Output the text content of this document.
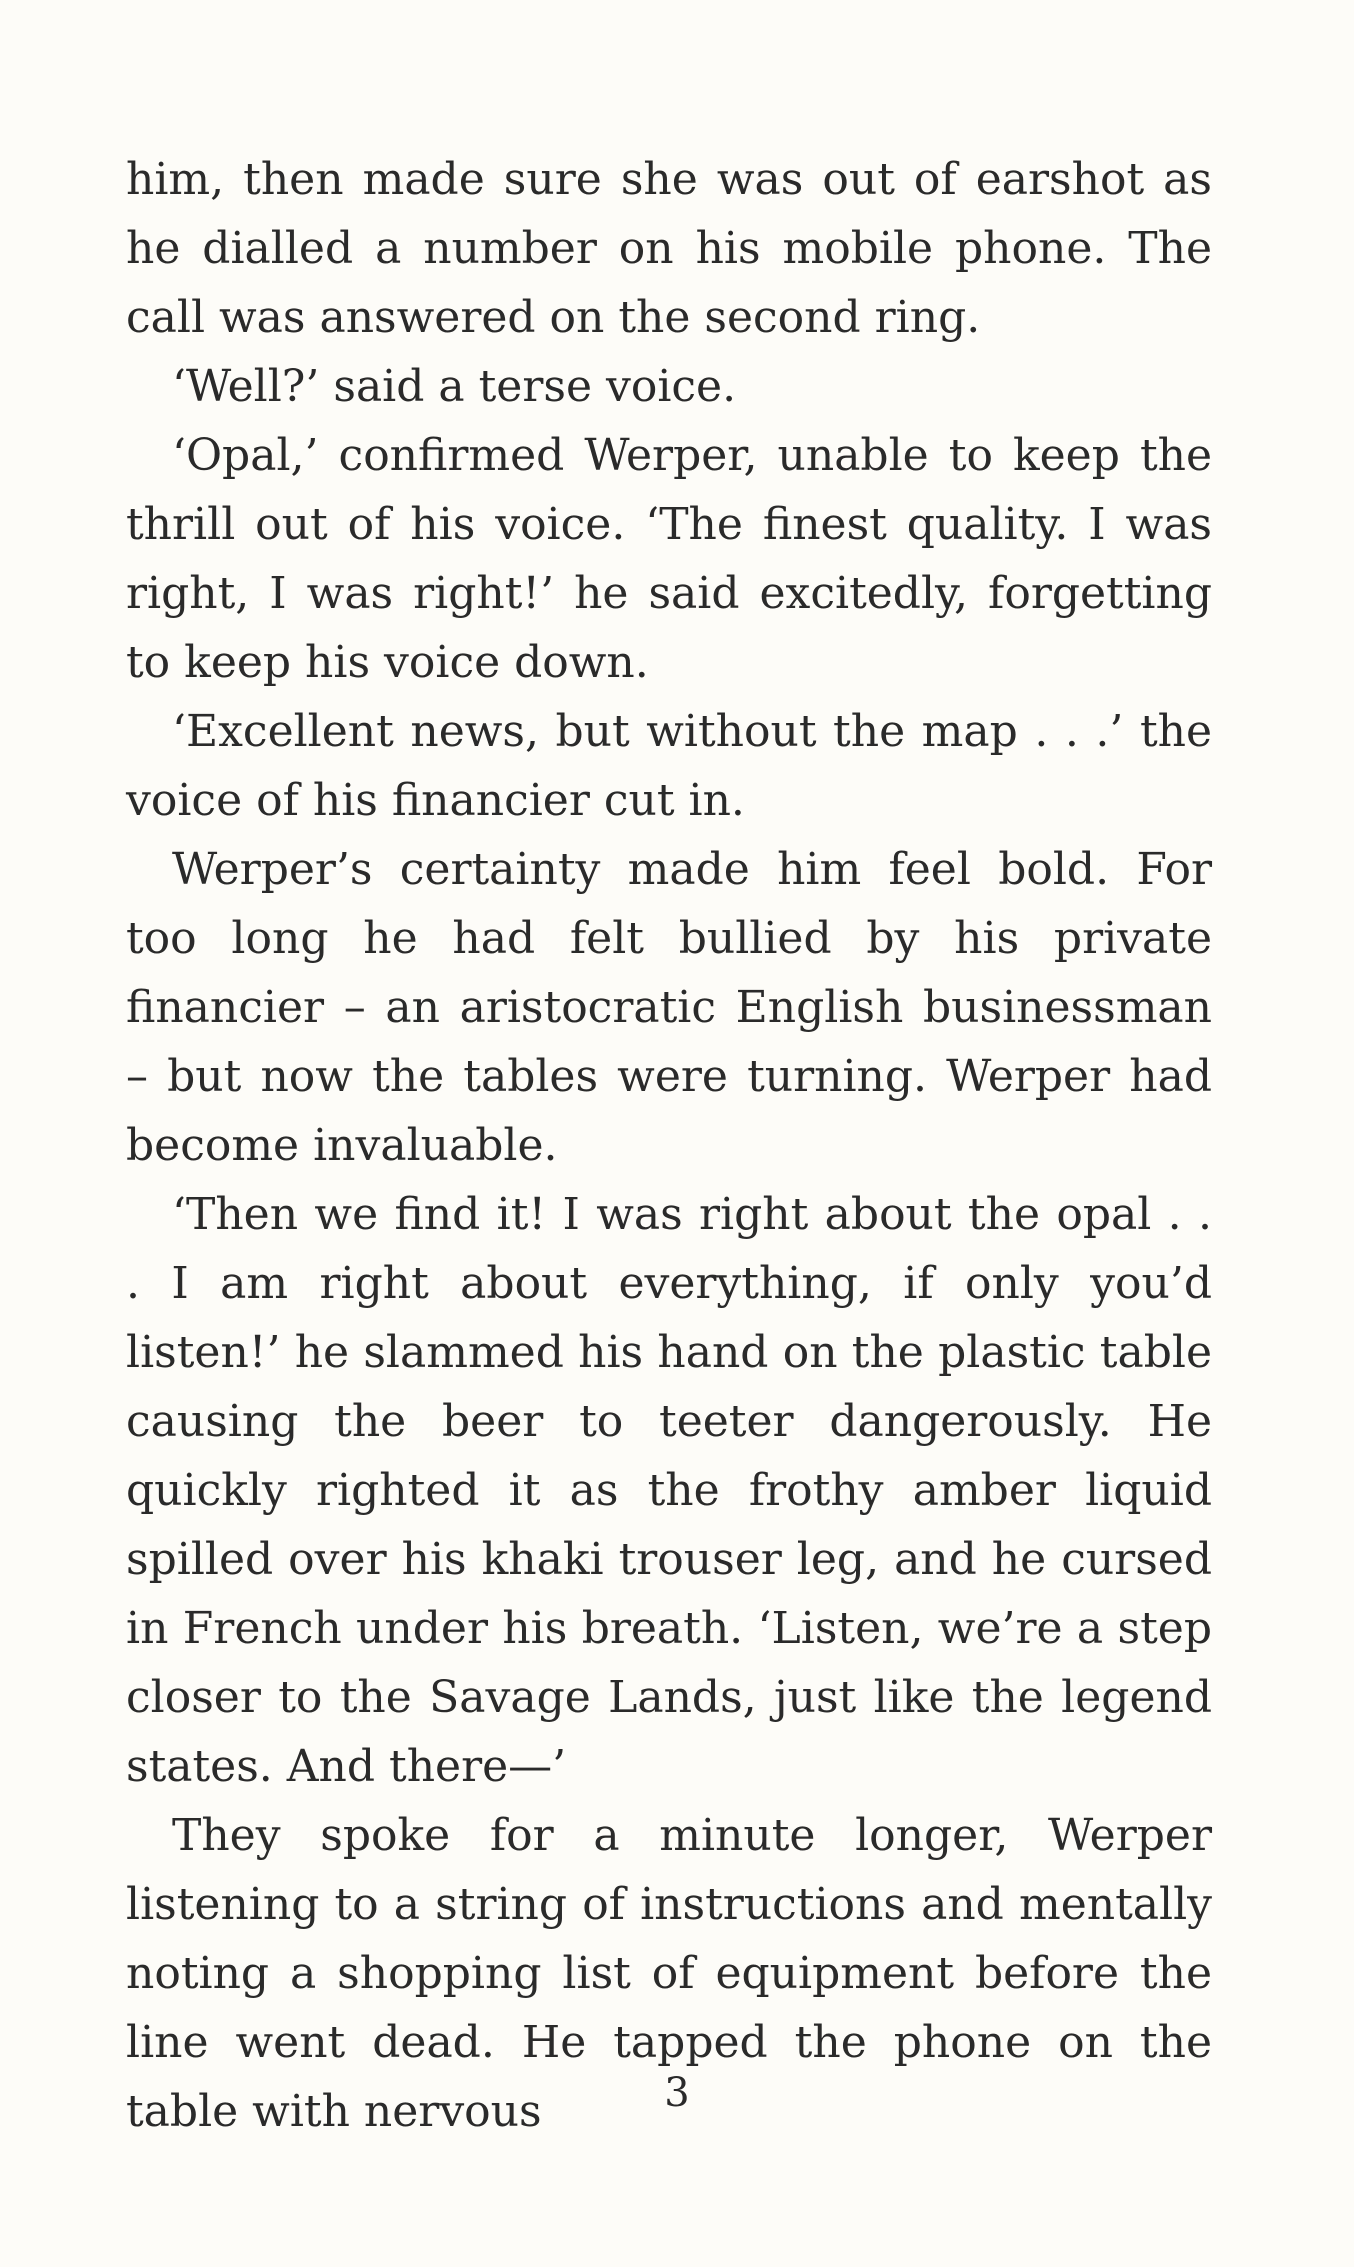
him, then made sure she was out of earshot as he dialled a number on his mobile phone. The call was answered on the second ring.

‘Well?’ said a terse voice.

‘Opal,’ confirmed Werper, unable to keep the thrill out of his voice. ‘The finest quality. I was right, I was right!’ he said excitedly, forgetting to keep his voice down.

‘Excellent news, but without the map . . .’ the voice of his financier cut in.

Werper’s certainty made him feel bold. For too long he had felt bullied by his private financier – an aristocratic English businessman – but now the tables were turning. Werper had become invaluable.

‘Then we find it! I was right about the opal . . . I am right about everything, if only you’d listen!’ he slammed his hand on the plastic table causing the beer to teeter dangerously. He quickly righted it as the frothy amber liquid spilled over his khaki trouser leg, and he cursed in French under his breath. ‘Listen, we’re a step closer to the Savage Lands, just like the legend states. And there—’

They spoke for a minute longer, Werper listening to a string of instructions and mentally noting a shopping list of equipment before the line went dead. He tapped the phone on the table with nervous	3
